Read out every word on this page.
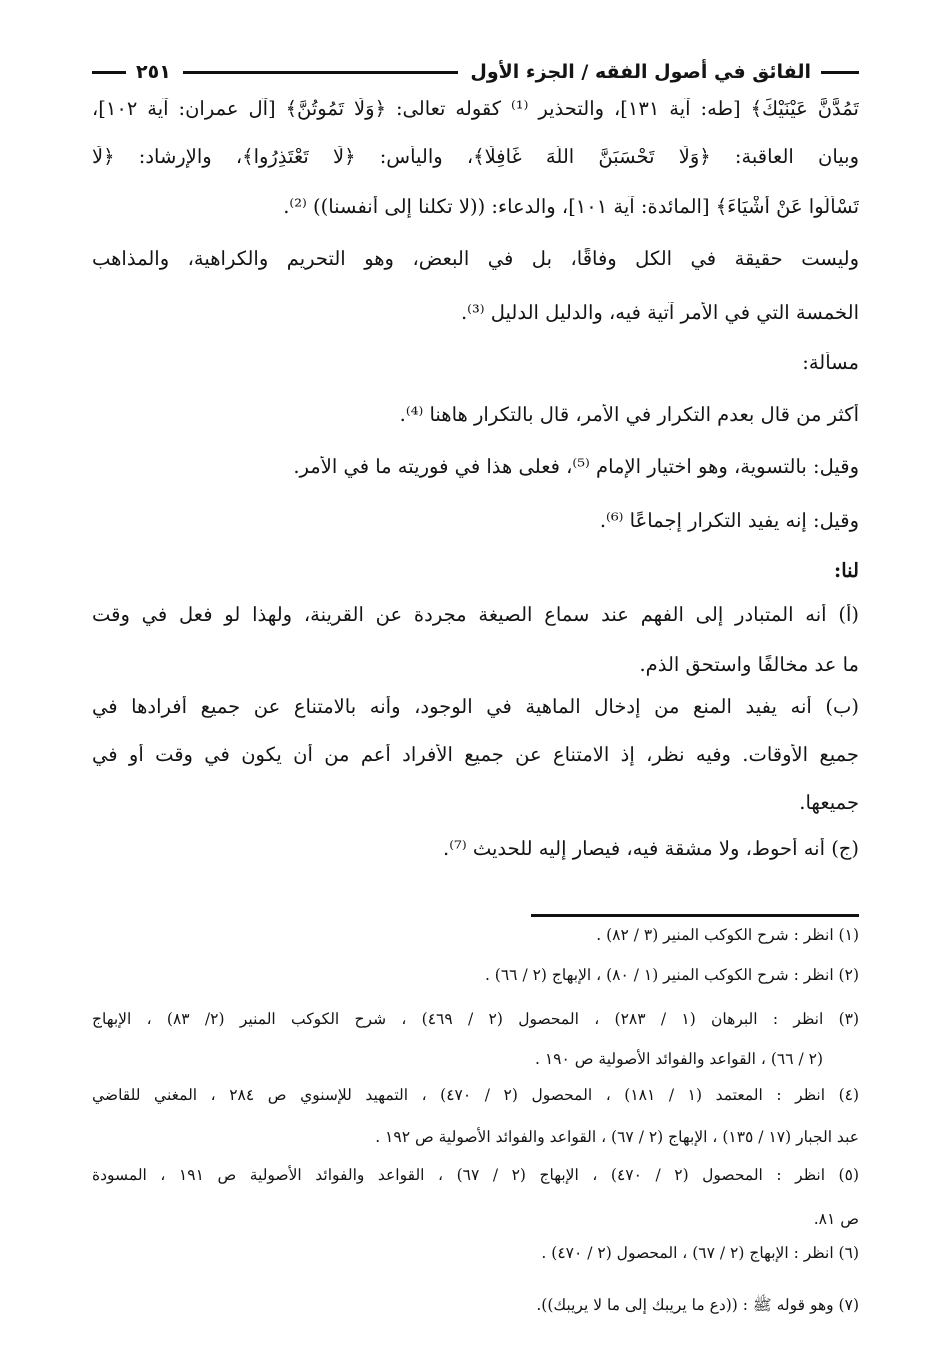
الفائق في أصول الفقه / الجزء الأول
٢٥١

تَمُدَّنَّ عَيْنَيْكَ﴾ [طه: آية ١٣١]، والتحذير ⁽¹⁾ كقوله تعالى: ﴿وَلَا تَمُوتُنَّ﴾ [آل عمران: آية ١٠٢]،

وبيان العاقبة: ﴿وَلَا تَحْسَبَنَّ اللَّهَ غَافِلًا﴾، واليأس: ﴿لَا تَعْتَذِرُوا﴾، والإرشاد: ﴿لَا

تَسْأَلُوا عَنْ أَشْيَاءَ﴾ [المائدة: آية ١٠١]، والدعاء: ((لا تكلنا إلى أنفسنا)) ⁽²⁾.

وليست حقيقة في الكل وفاقًا، بل في البعض، وهو التحريم والكراهية، والمذاهب

الخمسة التي في الأمر آتية فيه، والدليل الدليل ⁽³⁾.

مسألة:

أكثر من قال بعدم التكرار في الأمر، قال بالتكرار هاهنا ⁽⁴⁾.

وقيل: بالتسوية، وهو اختيار الإمام ⁽⁵⁾، فعلى هذا في فوريته ما في الأمر.

وقيل: إنه يفيد التكرار إجماعًا ⁽⁶⁾.

لنا:

(أ) أنه المتبادر إلى الفهم عند سماع الصيغة مجردة عن القرينة، ولهذا لو فعل في وقت

ما عد مخالفًا واستحق الذم.

(ب) أنه يفيد المنع من إدخال الماهية في الوجود، وأنه بالامتناع عن جميع أفرادها في

جميع الأوقات. وفيه نظر، إذ الامتناع عن جميع الأفراد أعم من أن يكون في وقت أو في

جميعها.

(ج) أنه أحوط، ولا مشقة فيه، فيصار إليه للحديث ⁽⁷⁾.

(١) انظر : شرح الكوكب المنير (٣ / ٨٢) .
(٢) انظر : شرح الكوكب المنير (١ / ٨٠) ، الإبهاج (٢ / ٦٦) .
(٣) انظر : البرهان (١ / ٢٨٣) ، المحصول (٢ / ٤٦٩) ، شرح الكوكب المنير (٢/ ٨٣) ، الإبهاج
(٢ / ٦٦) ، القواعد والفوائد الأصولية ص ١٩٠ .
(٤) انظر : المعتمد (١ / ١٨١) ، المحصول (٢ / ٤٧٠) ، التمهيد للإسنوي ص ٢٨٤ ، المغني للقاضي
عبد الجبار (١٧ / ١٣٥) ، الإبهاج (٢ / ٦٧) ، القواعد والفوائد الأصولية ص ١٩٢ .
(٥) انظر : المحصول (٢ / ٤٧٠) ، الإبهاج (٢ / ٦٧) ، القواعد والفوائد الأصولية ص ١٩١ ، المسودة
ص ٨١.
(٦) انظر : الإبهاج (٢ / ٦٧) ، المحصول (٢ / ٤٧٠) .
(٧) وهو قوله ﷺ : ((دع ما يريبك إلى ما لا يريبك)).
